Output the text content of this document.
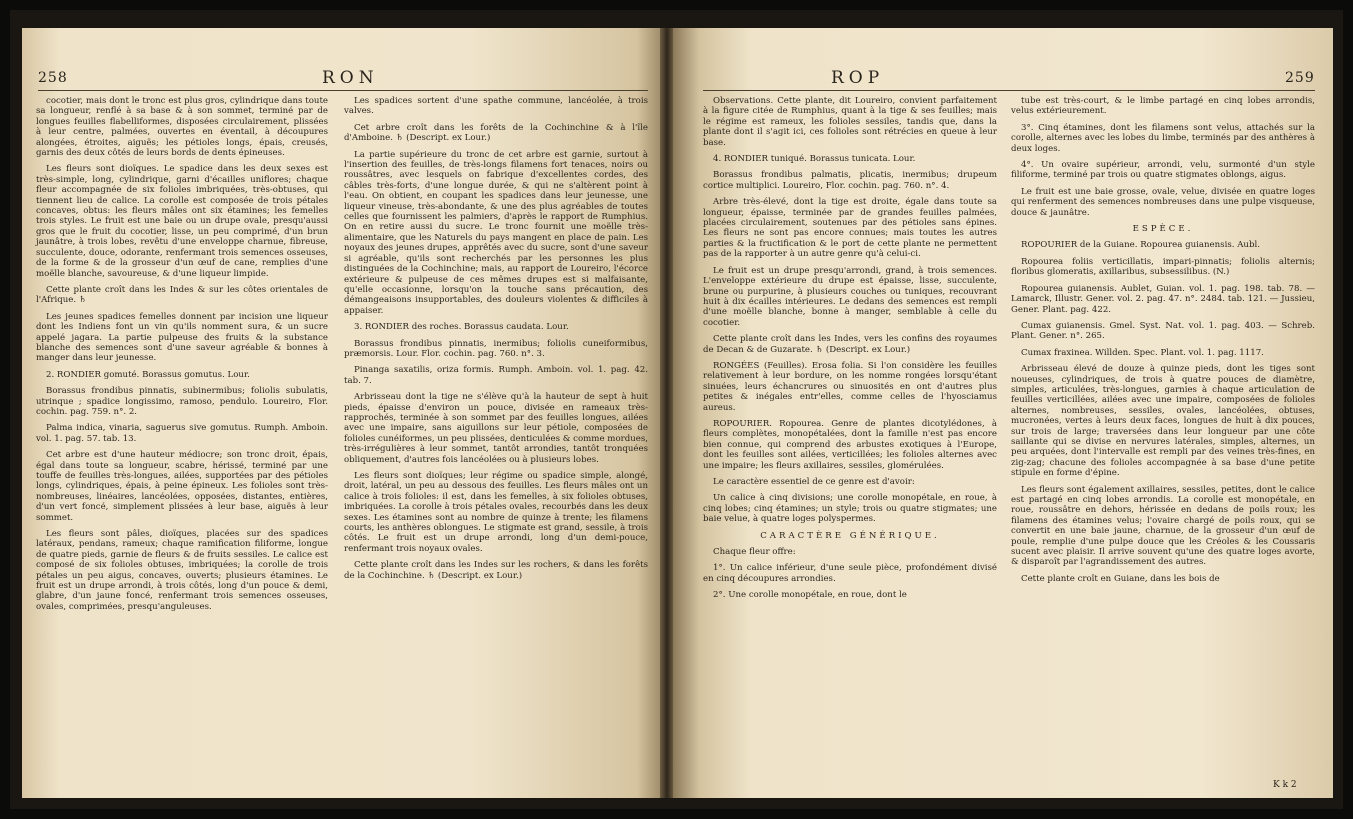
258	RON

cocotier, mais dont le tronc est plus gros, cylindrique dans toute sa longueur, renflé à sa base & à son sommet, terminé par de longues feuilles flabelliformes, disposées circulairement, plissées à leur centre, palmées, ouvertes en éventail, à découpures alongées, étroites, aiguës; les pétioles longs, épais, creusés, garnis des deux côtés de leurs bords de dents épineuses.

Les fleurs sont dioïques. Le spadice dans les deux sexes est très-simple, long, cylindrique, garni d'écailles uniflores; chaque fleur accompagnée de six folioles imbriquées, très-obtuses, qui tiennent lieu de calice. La corolle est composée de trois pétales concaves, obtus: les fleurs mâles ont six étamines; les femelles trois styles. Le fruit est une baie ou un drupe ovale, presqu'aussi gros que le fruit du cocotier, lisse, un peu comprimé, d'un brun jaunâtre, à trois lobes, revêtu d'une enveloppe charnue, fibreuse, succulente, douce, odorante, renfermant trois semences osseuses, de la forme & de la grosseur d'un œuf de cane, remplies d'une moëlle blanche, savoureuse, & d'une liqueur limpide.

Cette plante croît dans les Indes & sur les côtes orientales de l'Afrique. ♄

Les jeunes spadices femelles donnent par incision une liqueur dont les Indiens font un vin qu'ils nomment sura, & un sucre appelé jagara. La partie pulpeuse des fruits & la substance blanche des semences sont d'une saveur agréable & bonnes à manger dans leur jeunesse.

2. RONDIER gomuté. Borassus gomutus. Lour.

Borassus frondibus pinnatis, subinermibus; foliolis subulatis, utrinque ; spadice longissimo, ramoso, pendulo. Loureiro, Flor. cochin. pag. 759. n°. 2.

Palma indica, vinaria, saguerus sive gomutus. Rumph. Amboin. vol. 1. pag. 57. tab. 13.

Cet arbre est d'une hauteur médiocre; son tronc droit, épais, égal dans toute sa longueur, scabre, hérissé, terminé par une touffe de feuilles très-longues, ailées, supportées par des pétioles longs, cylindriques, épais, à peine épineux. Les folioles sont très-nombreuses, linéaires, lancéolées, opposées, distantes, entières, d'un vert foncé, simplement plissées à leur base, aiguës à leur sommet.

Les fleurs sont pâles, dioïques, placées sur des spadices latéraux, pendans, rameux; chaque ramification filiforme, longue de quatre pieds, garnie de fleurs & de fruits sessiles. Le calice est composé de six folioles obtuses, imbriquées; la corolle de trois pétales un peu aigus, concaves, ouverts; plusieurs étamines. Le fruit est un drupe arrondi, à trois côtés, long d'un pouce & demi, glabre, d'un jaune foncé, renfermant trois semences osseuses, ovales, comprimées, presqu'anguleuses.

Les spadices sortent d'une spathe commune, lancéolée, à trois valves.

Cet arbre croît dans les forêts de la Cochinchine & à l'île d'Amboine. ♄ (Descript. ex Lour.)

La partie supérieure du tronc de cet arbre est garnie, surtout à l'insertion des feuilles, de très-longs filamens fort tenaces, noirs ou roussâtres, avec lesquels on fabrique d'excellentes cordes, des câbles très-forts, d'une longue durée, & qui ne s'altèrent point à l'eau. On obtient, en coupant les spadices dans leur jeunesse, une liqueur vineuse, très-abondante, & une des plus agréables de toutes celles que fournissent les palmiers, d'après le rapport de Rumphius. On en retire aussi du sucre. Le tronc fournit une moëlle très-alimentaire, que les Naturels du pays mangent en place de pain. Les noyaux des jeunes drupes, apprêtés avec du sucre, sont d'une saveur si agréable, qu'ils sont recherchés par les personnes les plus distinguées de la Cochinchine; mais, au rapport de Loureiro, l'écorce extérieure & pulpeuse de ces mêmes drupes est si malfaisante, qu'elle occasionne, lorsqu'on la touche sans précaution, des démangeaisons insupportables, des douleurs violentes & difficiles à appaiser.

3. RONDIER des roches. Borassus caudata. Lour.

Borassus frondibus pinnatis, inermibus; foliolis cuneiformibus, præmorsis. Lour. Flor. cochin. pag. 760. n°. 3.

Pinanga saxatilis, oriza formis. Rumph. Amboin. vol. 1. pag. 42. tab. 7.

Arbrisseau dont la tige ne s'élève qu'à la hauteur de sept à huit pieds, épaisse d'environ un pouce, divisée en rameaux très-rapprochés, terminée à son sommet par des feuilles longues, ailées avec une impaire, sans aiguillons sur leur pétiole, composées de folioles cunéiformes, un peu plissées, denticulées & comme mordues, très-irrégulières à leur sommet, tantôt arrondies, tantôt tronquées obliquement, d'autres fois lancéolées ou à plusieurs lobes.

Les fleurs sont dioïques; leur régime ou spadice simple, alongé, droit, latéral, un peu au dessous des feuilles. Les fleurs mâles ont un calice à trois folioles: il est, dans les femelles, à six folioles obtuses, imbriquées. La corolle à trois pétales ovales, recourbés dans les deux sexes. Les étamines sont au nombre de quinze à trente; les filamens courts, les anthères oblongues. Le stigmate est grand, sessile, à trois côtés. Le fruit est un drupe arrondi, long d'un demi-pouce, renfermant trois noyaux ovales.

Cette plante croît dans les Indes sur les rochers, & dans les forêts de la Cochinchine. ♄ (Descript. ex Lour.)

ROP	259

Observations. Cette plante, dit Loureiro, convient parfaitement à la figure citée de Rumphius, quant à la tige & ses feuilles; mais le régime est rameux, les folioles sessiles, tandis que, dans la plante dont il s'agit ici, ces folioles sont rétrécies en queue à leur base.

4. RONDIER tuniqué. Borassus tunicata. Lour.

Borassus frondibus palmatis, plicatis, inermibus; drupeum cortice multiplici. Loureiro, Flor. cochin. pag. 760. n°. 4.

Arbre très-élevé, dont la tige est droite, égale dans toute sa longueur, épaisse, terminée par de grandes feuilles palmées, placées circulairement, soutenues par des pétioles sans épines. Les fleurs ne sont pas encore connues; mais toutes les autres parties & la fructification & le port de cette plante ne permettent pas de la rapporter à un autre genre qu'à celui-ci.

Le fruit est un drupe presqu'arrondi, grand, à trois semences. L'enveloppe extérieure du drupe est épaisse, lisse, succulente, brune ou purpurine, à plusieurs couches ou tuniques, recouvrant huit à dix écailles intérieures. Le dedans des semences est rempli d'une moëlle blanche, bonne à manger, semblable à celle du cocotier.

Cette plante croît dans les Indes, vers les confins des royaumes de Decan & de Guzarate. ♄ (Descript. ex Lour.)

RONGÉES (Feuilles). Erosa folia. Si l'on considère les feuilles relativement à leur bordure, on les nomme rongées lorsqu'étant sinuées, leurs échancrures ou sinuosités en ont d'autres plus petites & inégales entr'elles, comme celles de l'hyosciamus aureus.

ROPOURIER. Ropourea. Genre de plantes dicotylédones, à fleurs complètes, monopétalées, dont la famille n'est pas encore bien connue, qui comprend des arbustes exotiques à l'Europe, dont les feuilles sont ailées, verticillées; les folioles alternes avec une impaire; les fleurs axillaires, sessiles, glomérulées.

Le caractère essentiel de ce genre est d'avoir:

Un calice à cinq divisions; une corolle monopétale, en roue, à cinq lobes; cinq étamines; un style; trois ou quatre stigmates; une baie velue, à quatre loges polyspermes.

CARACTÈRE GÉNÉRIQUE.

Chaque fleur offre:

1°. Un calice inférieur, d'une seule pièce, profondément divisé en cinq découpures arrondies.

2°. Une corolle monopétale, en roue, dont le

tube est très-court, & le limbe partagé en cinq lobes arrondis, velus extérieurement.

3°. Cinq étamines, dont les filamens sont velus, attachés sur la corolle, alternes avec les lobes du limbe, terminés par des anthères à deux loges.

4°. Un ovaire supérieur, arrondi, velu, surmonté d'un style filiforme, terminé par trois ou quatre stigmates oblongs, aigus.

Le fruit est une baie grosse, ovale, velue, divisée en quatre loges qui renferment des semences nombreuses dans une pulpe visqueuse, douce & jaunâtre.

ESPÈCE.

ROPOURIER de la Guiane. Ropourea guianensis. Aubl.

Ropourea foliis verticillatis, impari-pinnatis; foliolis alternis; floribus glomeratis, axillaribus, subsessilibus. (N.)

Ropourea guianensis. Aublet, Guian. vol. 1. pag. 198. tab. 78. — Lamarck, Illustr. Gener. vol. 2. pag. 47. n°. 2484. tab. 121. — Jussieu, Gener. Plant. pag. 422.

Cumax guianensis. Gmel. Syst. Nat. vol. 1. pag. 403. — Schreb. Plant. Gener. n°. 265.

Cumax fraxinea. Willden. Spec. Plant. vol. 1. pag. 1117.

Arbrisseau élevé de douze à quinze pieds, dont les tiges sont noueuses, cylindriques, de trois à quatre pouces de diamètre, simples, articulées, très-longues, garnies à chaque articulation de feuilles verticillées, ailées avec une impaire, composées de folioles alternes, nombreuses, sessiles, ovales, lancéolées, obtuses, mucronées, vertes à leurs deux faces, longues de huit à dix pouces, sur trois de large; traversées dans leur longueur par une côte saillante qui se divise en nervures latérales, simples, alternes, un peu arquées, dont l'intervalle est rempli par des veines très-fines, en zig-zag; chacune des folioles accompagnée à sa base d'une petite stipule en forme d'épine.

Les fleurs sont également axillaires, sessiles, petites, dont le calice est partagé en cinq lobes arrondis. La corolle est monopétale, en roue, roussâtre en dehors, hérissée en dedans de poils roux; les filamens des étamines velus; l'ovaire chargé de poils roux, qui se convertit en une baie jaune, charnue, de la grosseur d'un œuf de poule, remplie d'une pulpe douce que les Créoles & les Coussaris sucent avec plaisir. Il arrive souvent qu'une des quatre loges avorte, & disparoît par l'agrandissement des autres.

Cette plante croît en Guiane, dans les bois de

K k 2
